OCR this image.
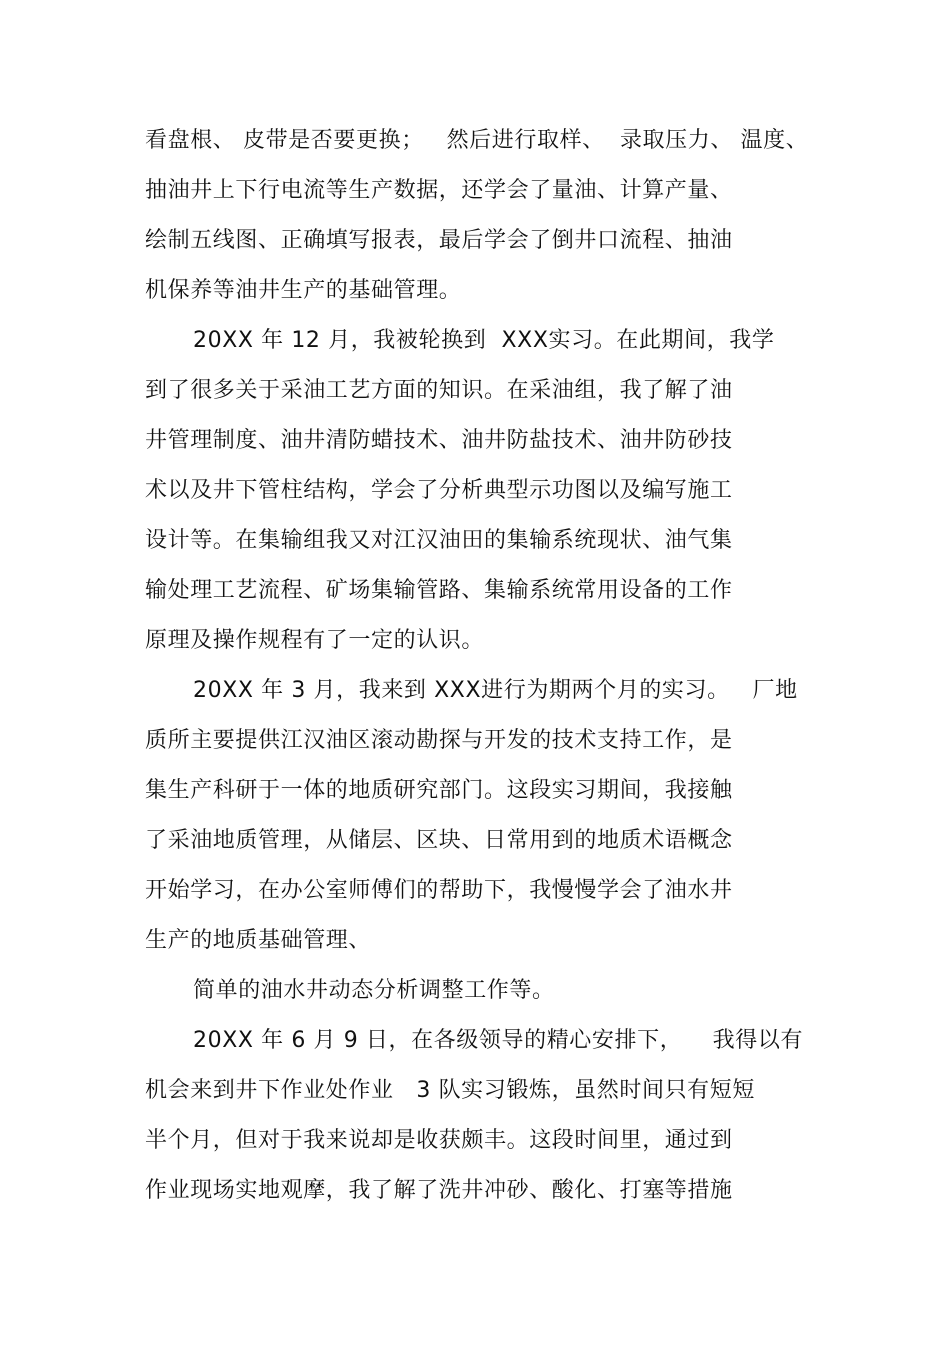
看盘根、 皮带是否要更换；   然后进行取样、  录取压力、 温度、
抽油井上下行电流等生产数据，还学会了量油、计算产量、
绘制五线图、正确填写报表，最后学会了倒井口流程、抽油
机保养等油井生产的基础管理。
20XX 年 12 月，我被轮换到  XXX实习。在此期间，我学
到了很多关于采油工艺方面的知识。在采油组，我了解了油
井管理制度、油井清防蜡技术、油井防盐技术、油井防砂技
术以及井下管柱结构，学会了分析典型示功图以及编写施工
设计等。在集输组我又对江汉油田的集输系统现状、油气集
输处理工艺流程、矿场集输管路、集输系统常用设备的工作
原理及操作规程有了一定的认识。
20XX 年 3 月，我来到 XXX进行为期两个月的实习。   厂地
质所主要提供江汉油区滚动勘探与开发的技术支持工作，是
集生产科研于一体的地质研究部门。这段实习期间，我接触
了采油地质管理，从储层、区块、日常用到的地质术语概念
开始学习，在办公室师傅们的帮助下，我慢慢学会了油水井
生产的地质基础管理、
简单的油水井动态分析调整工作等。
20XX 年 6 月 9 日，在各级领导的精心安排下，    我得以有
机会来到井下作业处作业   3 队实习锻炼，虽然时间只有短短
半个月，但对于我来说却是收获颇丰。这段时间里，通过到
作业现场实地观摩，我了解了洗井冲砂、酸化、打塞等措施
